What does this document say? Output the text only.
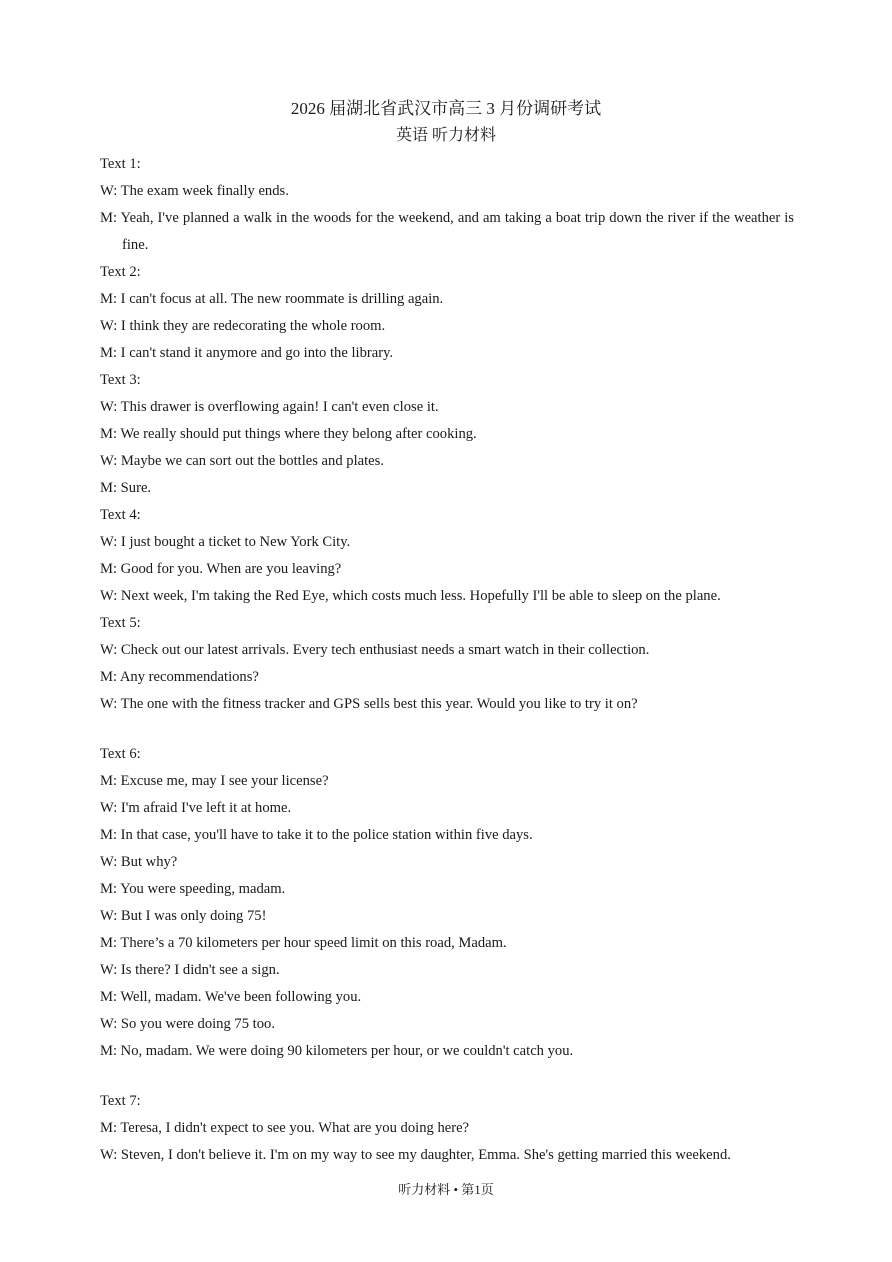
2026 届湖北省武汉市高三 3 月份调研考试
英语 听力材料
Text 1:
W: The exam week finally ends.
M: Yeah, I've planned a walk in the woods for the weekend, and am taking a boat trip down the river if the weather is fine.
Text 2:
M: I can't focus at all. The new roommate is drilling again.
W: I think they are redecorating the whole room.
M: I can't stand it anymore and go into the library.
Text 3:
W: This drawer is overflowing again! I can't even close it.
M: We really should put things where they belong after cooking.
W: Maybe we can sort out the bottles and plates.
M: Sure.
Text 4:
W: I just bought a ticket to New York City.
M: Good for you. When are you leaving?
W: Next week, I'm taking the Red Eye, which costs much less. Hopefully I'll be able to sleep on the plane.
Text 5:
W: Check out our latest arrivals. Every tech enthusiast needs a smart watch in their collection.
M: Any recommendations?
W: The one with the fitness tracker and GPS sells best this year. Would you like to try it on?
Text 6:
M: Excuse me, may I see your license?
W: I'm afraid I've left it at home.
M: In that case, you'll have to take it to the police station within five days.
W: But why?
M: You were speeding, madam.
W: But I was only doing 75!
M: There’s a 70 kilometers per hour speed limit on this road, Madam.
W: Is there? I didn't see a sign.
M: Well, madam. We've been following you.
W: So you were doing 75 too.
M: No, madam. We were doing 90 kilometers per hour, or we couldn't catch you.
Text 7:
M: Teresa, I didn't expect to see you. What are you doing here?
W: Steven, I don't believe it. I'm on my way to see my daughter, Emma. She's getting married this weekend.
听力材料 • 第1页
